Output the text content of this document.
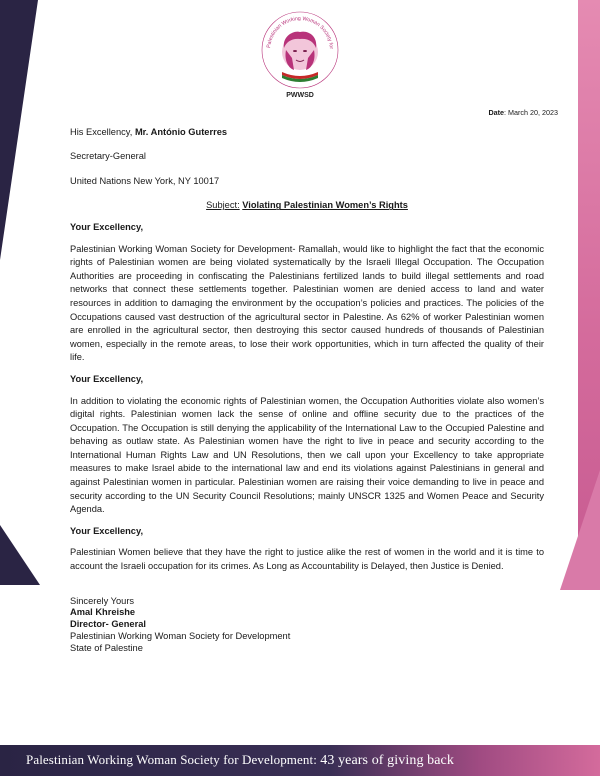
Palestinian Working Woman Society for
PWWSD
Date: March 20, 2023
His Excellency, Mr. António Guterres
Secretary-General
United Nations New York, NY 10017
Subject: Violating Palestinian Women’s Rights
Your Excellency,

Palestinian Working Woman Society for Development- Ramallah, would like to highlight the fact that the economic rights of Palestinian women are being violated systematically by the Israeli Illegal Occupation. The Occupation Authorities are proceeding in confiscating the Palestinians fertilized lands to build illegal settlements and road networks that connect these settlements together. Palestinian women are denied access to land and water resources in addition to damaging the environment by the occupation’s policies and practices. The policies of the Occupations caused vast destruction of the agricultural sector in Palestine. As 62% of worker Palestinian women are enrolled in the agricultural sector, then destroying this sector caused hundreds of thousands of Palestinian women, especially in the remote areas, to lose their work opportunities, which in turn affected the quality of their life.

Your Excellency,

In addition to violating the economic rights of Palestinian women, the Occupation Authorities violate also women’s digital rights. Palestinian women lack the sense of online and offline security due to the practices of the Occupation. The Occupation is still denying the applicability of the International Law to the Occupied Palestine and behaving as outlaw state. As Palestinian women have the right to live in peace and security according to the International Human Rights Law and UN Resolutions, then we call upon your Excellency to take appropriate measures to make Israel abide to the international law and end its violations against Palestinians in general and against Palestinian women in particular. Palestinian women are raising their voice demanding to live in peace and security according to the UN Security Council Resolutions; mainly UNSCR 1325 and Women Peace and Security Agenda.

Your Excellency,

Palestinian Women believe that they have the right to justice alike the rest of women in the world and it is time to account the Israeli occupation for its crimes. As Long as Accountability is Delayed, then Justice is Denied.

Sincerely Yours
Amal Khreishe
Director- General
Palestinian Working Woman Society for Development
State of Palestine
Palestinian Working Woman Society for Development: 43 years of giving back
